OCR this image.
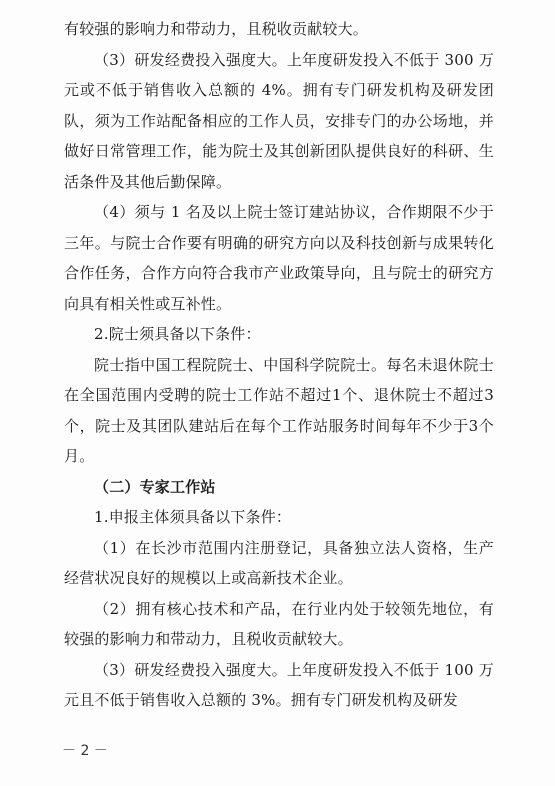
有较强的影响力和带动力，且税收贡献较大。

（3）研发经费投入强度大。上年度研发投入不低于 300 万元或不低于销售收入总额的 4%。拥有专门研发机构及研发团队，须为工作站配备相应的工作人员，安排专门的办公场地，并做好日常管理工作，能为院士及其创新团队提供良好的科研、生活条件及其他后勤保障。

（4）须与 1 名及以上院士签订建站协议，合作期限不少于三年。与院士合作要有明确的研究方向以及科技创新与成果转化合作任务，合作方向符合我市产业政策导向，且与院士的研究方向具有相关性或互补性。

2.院士须具备以下条件：

院士指中国工程院院士、中国科学院院士。每名未退休院士在全国范围内受聘的院士工作站不超过1个、退休院士不超过3个，院士及其团队建站后在每个工作站服务时间每年不少于3个月。

（二）专家工作站

1.申报主体须具备以下条件：

（1）在长沙市范围内注册登记，具备独立法人资格，生产经营状况良好的规模以上或高新技术企业。

（2）拥有核心技术和产品，在行业内处于较领先地位，有较强的影响力和带动力，且税收贡献较大。

（3）研发经费投入强度大。上年度研发投入不低于 100 万元且不低于销售收入总额的 3%。拥有专门研发机构及研发

－ 2 －
